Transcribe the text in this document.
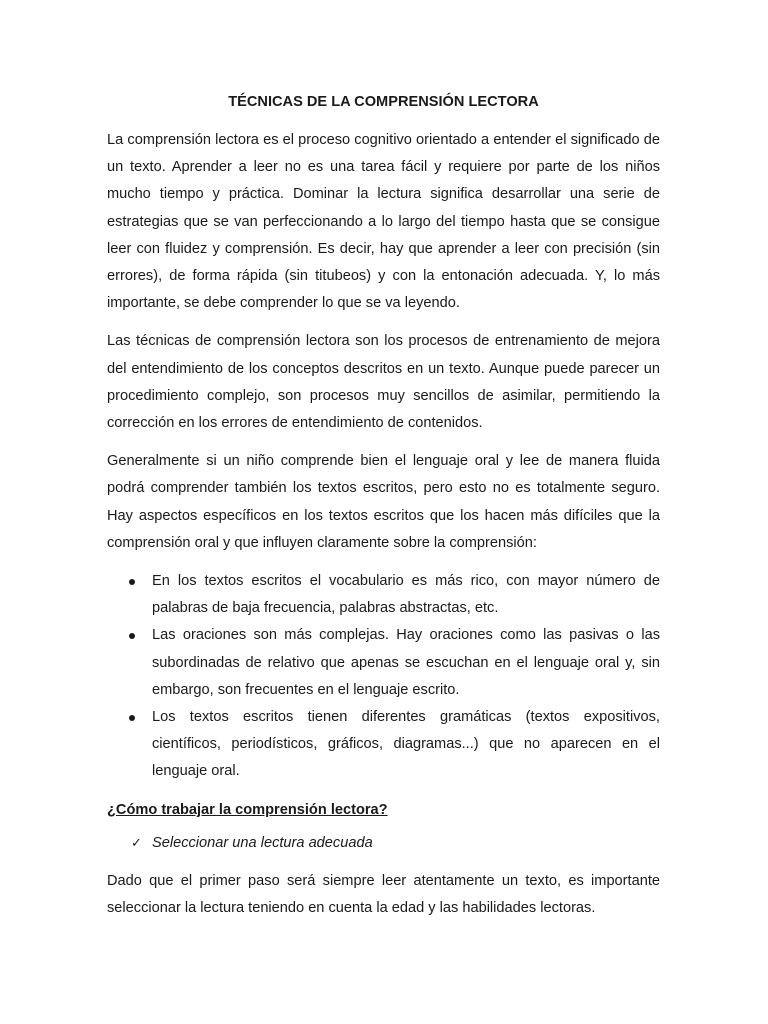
TÉCNICAS DE LA COMPRENSIÓN LECTORA

La comprensión lectora es el proceso cognitivo orientado a entender el significado de un texto. Aprender a leer no es una tarea fácil y requiere por parte de los niños mucho tiempo y práctica. Dominar la lectura significa desarrollar una serie de estrategias que se van perfeccionando a lo largo del tiempo hasta que se consigue leer con fluidez y comprensión. Es decir, hay que aprender a leer con precisión (sin errores), de forma rápida (sin titubeos) y con la entonación adecuada. Y, lo más importante, se debe comprender lo que se va leyendo.

Las técnicas de comprensión lectora son los procesos de entrenamiento de mejora del entendimiento de los conceptos descritos en un texto. Aunque puede parecer un procedimiento complejo, son procesos muy sencillos de asimilar, permitiendo la corrección en los errores de entendimiento de contenidos.

Generalmente si un niño comprende bien el lenguaje oral y lee de manera fluida podrá comprender también los textos escritos, pero esto no es totalmente seguro. Hay aspectos específicos en los textos escritos que los hacen más difíciles que la comprensión oral y que influyen claramente sobre la comprensión:

En los textos escritos el vocabulario es más rico, con mayor número de palabras de baja frecuencia, palabras abstractas, etc.
Las oraciones son más complejas. Hay oraciones como las pasivas o las subordinadas de relativo que apenas se escuchan en el lenguaje oral y, sin embargo, son frecuentes en el lenguaje escrito.
Los textos escritos tienen diferentes gramáticas (textos expositivos, científicos, periodísticos, gráficos, diagramas...) que no aparecen en el lenguaje oral.
¿Cómo trabajar la comprensión lectora?
✓ Seleccionar una lectura adecuada

Dado que el primer paso será siempre leer atentamente un texto, es importante seleccionar la lectura teniendo en cuenta la edad y las habilidades lectoras.
